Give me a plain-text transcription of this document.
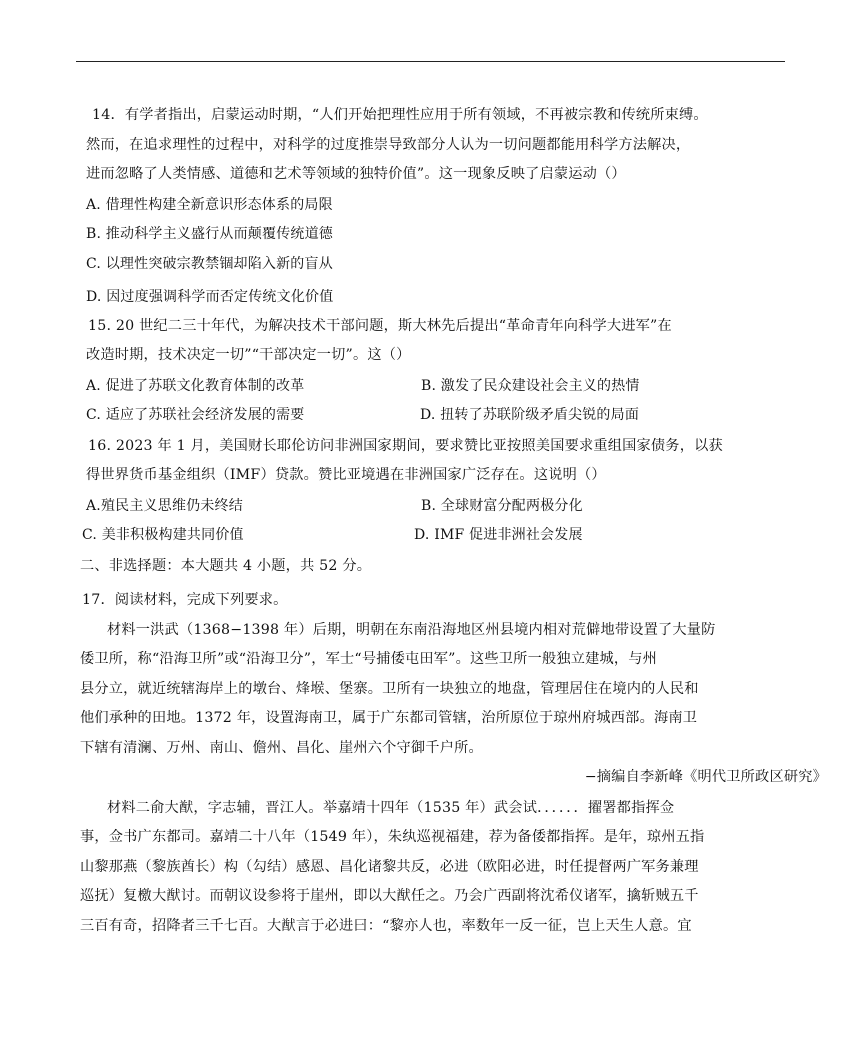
14．有学者指出，启蒙运动时期，“人们开始把理性应用于所有领域，不再被宗教和传统所束缚。
然而，在追求理性的过程中，对科学的过度推崇导致部分人认为一切问题都能用科学方法解决，
进而忽略了人类情感、道德和艺术等领域的独特价值”。这一现象反映了启蒙运动（）
A. 借理性构建全新意识形态体系的局限
B. 推动科学主义盛行从而颠覆传统道德
C. 以理性突破宗教禁锢却陷入新的盲从
D. 因过度强调科学而否定传统文化价值
15. 20 世纪二三十年代，为解决技术干部问题，斯大林先后提出“革命青年向科学大进军”在
改造时期，技术决定一切”“干部决定一切”。这（）
A. 促进了苏联文化教育体制的改革	B. 激发了民众建设社会主义的热情
C. 适应了苏联社会经济发展的需要	D. 扭转了苏联阶级矛盾尖锐的局面
16. 2023 年 1 月，美国财长耶伦访问非洲国家期间，要求赞比亚按照美国要求重组国家债务，以获
得世界货币基金组织（IMF）贷款。赞比亚境遇在非洲国家广泛存在。这说明（）
A.殖民主义思维仍未终结	B. 全球财富分配两极分化
C. 美非积极构建共同价值	D. IMF 促进非洲社会发展
二、非选择题：本大题共 4 小题，共 52 分。
17．阅读材料，完成下列要求。
材料一洪武（1368−1398 年）后期，明朝在东南沿海地区州县境内相对荒僻地带设置了大量防
倭卫所，称“沿海卫所”或“沿海卫分”，军士“号捕倭屯田军”。这些卫所一般独立建城，与州
县分立，就近统辖海岸上的墩台、烽堠、堡寨。卫所有一块独立的地盘，管理居住在境内的人民和
他们承种的田地。1372 年，设置海南卫，属于广东都司管辖，治所原位于琼州府城西部。海南卫
下辖有清澜、万州、南山、儋州、昌化、崖州六个守御千户所。
−摘编自李新峰《明代卫所政区研究》
材料二俞大猷，字志辅，晋江人。举嘉靖十四年（1535 年）武会试．．．．．．擢署都指挥佥
事，佥书广东都司。嘉靖二十八年（1549 年），朱纨巡视福建，荐为备倭都指挥。是年，琼州五指
山黎那燕（黎族酋长）构（勾结）感恩、昌化诸黎共反，必进（欧阳必进，时任提督两广军务兼理
巡抚）复檄大猷讨。而朝议设参将于崖州，即以大猷任之。乃会广西副将沈希仪诸军，擒斩贼五千
三百有奇，招降者三千七百。大猷言于必进曰：“黎亦人也，率数年一反一征，岂上天生人意。宜
